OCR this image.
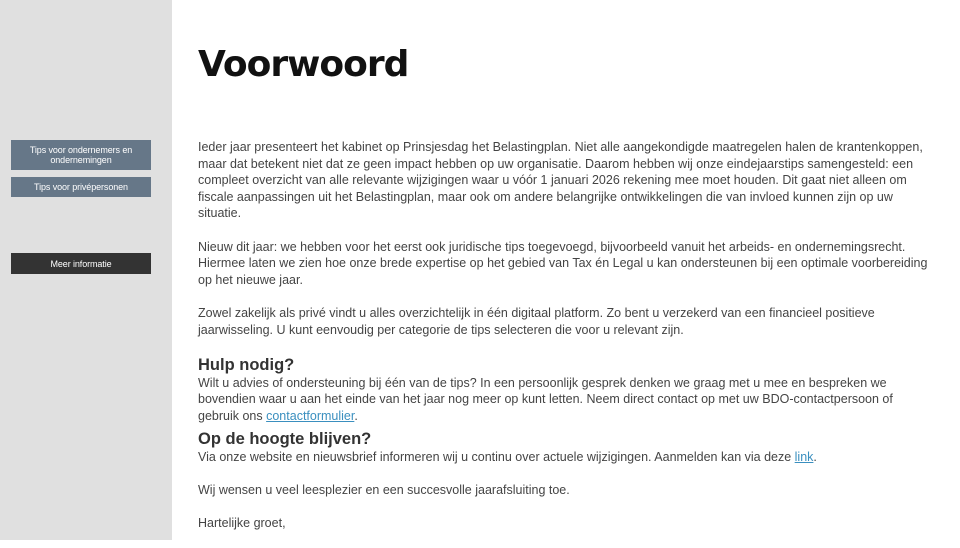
Tips voor ondernemers en ondernemingen
Tips voor privépersonen
Meer informatie
Voorwoord

Ieder jaar presenteert het kabinet op Prinsjesdag het Belastingplan. Niet alle aangekondigde maatregelen halen de krantenkoppen, maar dat betekent niet dat ze geen impact hebben op uw organisatie. Daarom hebben wij onze eindejaarstips samengesteld: een compleet overzicht van alle relevante wijzigingen waar u vóór 1 januari 2026 rekening mee moet houden. Dit gaat niet alleen om fiscale aanpassingen uit het Belastingplan, maar ook om andere belangrijke ontwikkelingen die van invloed kunnen zijn op uw situatie.

Nieuw dit jaar: we hebben voor het eerst ook juridische tips toegevoegd, bijvoorbeeld vanuit het arbeids- en ondernemingsrecht. Hiermee laten we zien hoe onze brede expertise op het gebied van Tax én Legal u kan ondersteunen bij een optimale voorbereiding op het nieuwe jaar.

Zowel zakelijk als privé vindt u alles overzichtelijk in één digitaal platform. Zo bent u verzekerd van een financieel positieve jaarwisseling. U kunt eenvoudig per categorie de tips selecteren die voor u relevant zijn.

Hulp nodig?

Wilt u advies of ondersteuning bij één van de tips? In een persoonlijk gesprek denken we graag met u mee en bespreken we bovendien waar u aan het einde van het jaar nog meer op kunt letten. Neem direct contact op met uw BDO-contactpersoon of gebruik ons contactformulier.

Op de hoogte blijven?

Via onze website en nieuwsbrief informeren wij u continu over actuele wijzigingen. Aanmelden kan via deze link.

Wij wensen u veel leesplezier en een succesvolle jaarafsluiting toe.

Hartelijke groet,
